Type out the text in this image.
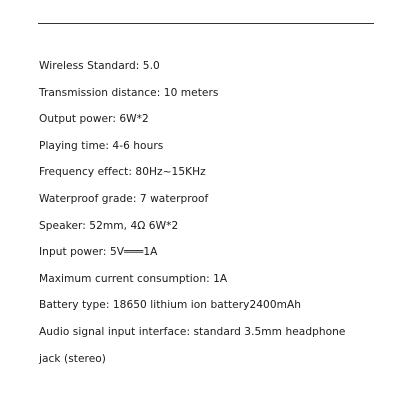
Wireless Standard: 5.0
Transmission distance: 10 meters
Output power: 6W*2
Playing time: 4-6 hours
Frequency effect: 80Hz~15KHz
Waterproof grade: 7 waterproof
Speaker: 52mm, 4Ω 6W*2
Input power: 5V═══1A
Maximum current consumption: 1A
Battery type: 18650 lithium ion battery2400mAh
Audio signal input interface: standard 3.5mm headphone
jack (stereo)
